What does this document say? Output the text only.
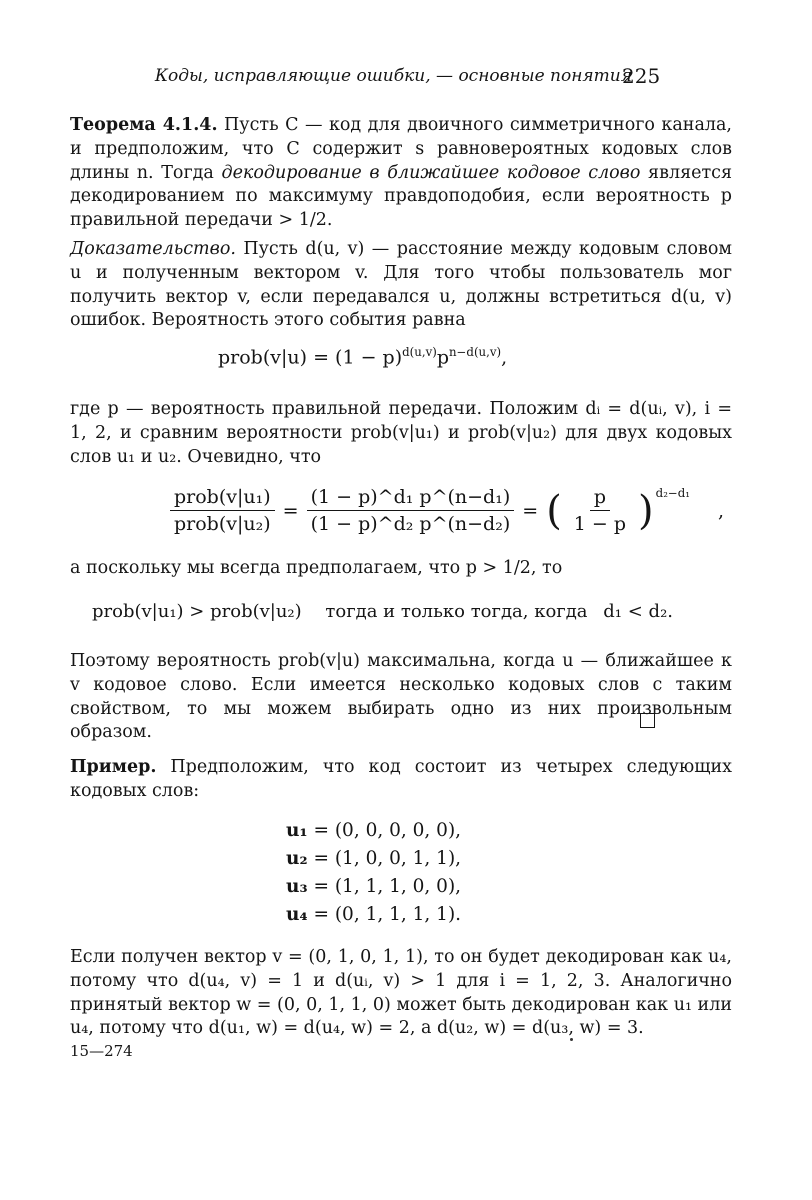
Коды, исправляющие ошибки, — основные понятия
225

Теорема 4.1.4. Пусть C — код для двоичного симметричного канала, и предположим, что C содержит s равновероятных кодовых слов длины n. Тогда декодирование в ближайшее кодовое слово является декодированием по максимуму правдоподобия, если вероятность p правильной передачи > 1/2.

Доказательство. Пусть d(u, v) — расстояние между кодовым словом u и полученным вектором v. Для того чтобы пользователь мог получить вектор v, если передавался u, должны встретиться d(u, v) ошибок. Вероятность этого события равна

prob(v|u) = $(1 - p)^{d(u,v)}p^{n-d(u,v)}$,

где p — вероятность правильной передачи. Положим dᵢ = d(uᵢ, v), i = 1, 2, и сравним вероятности prob(v|u₁) и prob(v|u₂) для двух кодовых слов u₁ и u₂. Очевидно, что

$\frac{\text{prob(v|u₁)}}{\text{prob(v|u₂)}} = \frac{\text{(1 − p)\textasciicircum{}d₁ p\textasciicircum{}(n−d₁)}}{\text{(1 − p)\textasciicircum{}d₂ p\textasciicircum{}(n−d₂)}}$ = ( $\frac{p}{1 - p} )^{d_2-d_1}$
,

а поскольку мы всегда предполагаем, что p > 1/2, то

prob(v|u₁) > prob(v|u₂) тогда и только тогда, когда d₁ < d₂.

Поэтому вероятность prob(v|u) максимальна, когда u — ближайшее к v кодовое слово. Если имеется несколько кодовых слов с таким свойством, то мы можем выбирать одно из них произвольным образом.

Пример. Предположим, что код состоит из четырех следующих кодовых слов:

u₁ = (0, 0, 0, 0, 0),
u₂ = (1, 0, 0, 1, 1),
u₃ = (1, 1, 1, 0, 0),
u₄ = (0, 1, 1, 1, 1).

Если получен вектор v = (0, 1, 0, 1, 1), то он будет декодирован как u₄, потому что d(u₄, v) = 1 и d(uᵢ, v) > 1 для i = 1, 2, 3. Аналогично принятый вектор w = (0, 0, 1, 1, 0) может быть декодирован как u₁ или u₄, потому что d(u₁, w) = d(u₄, w) = 2, а d(u₂, w) = d(u₃, w) = 3.

15—274
